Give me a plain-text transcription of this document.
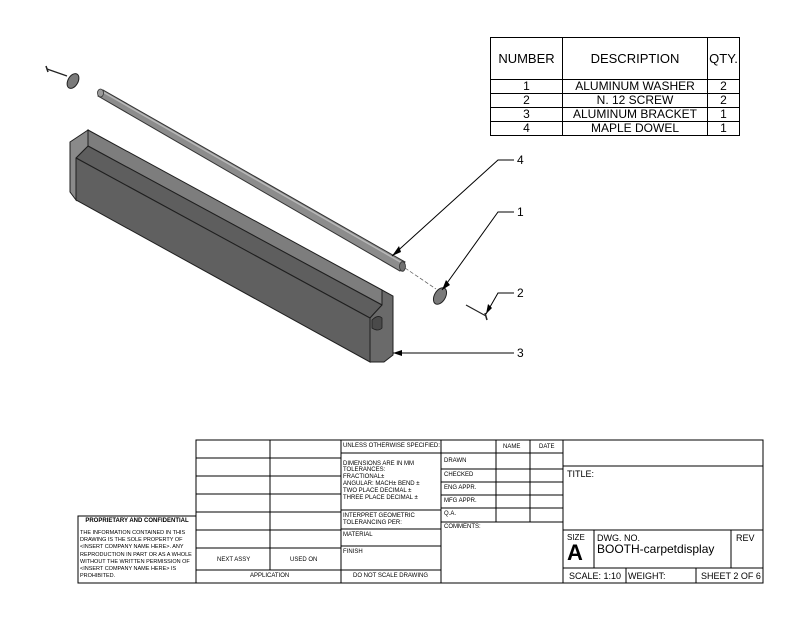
4
1
2
3
NUMBER	DESCRIPTION	QTY.
1	ALUMINUM WASHER	2
2	N. 12 SCREW	2
3	ALUMINUM BRACKET	1
4	MAPLE DOWEL	1
PROPRIETARY AND CONFIDENTIAL
THE INFORMATION CONTAINED IN THIS DRAWING IS THE SOLE PROPERTY OF <INSERT COMPANY NAME HERE>. ANY REPRODUCTION IN PART OR AS A WHOLE WITHOUT THE WRITTEN PERMISSION OF <INSERT COMPANY NAME HERE> IS PROHIBITED.
NEXT ASSY	USED ON
APPLICATION
UNLESS OTHERWISE SPECIFIED:
DIMENSIONS ARE IN MM
TOLERANCES:
FRACTIONAL±
ANGULAR: MACH± BEND ±
TWO PLACE DECIMAL ±
THREE PLACE DECIMAL ±
INTERPRET GEOMETRIC
TOLERANCING PER:
MATERIAL
FINISH
DO NOT SCALE DRAWING
NAME	DATE
DRAWN
CHECKED
ENG APPR.
MFG APPR.
Q.A.
COMMENTS:
TITLE:
SIZE
A
DWG. NO.
BOOTH-carpetdisplay
REV
SCALE: 1:10 WEIGHT:	SHEET 2 OF 6
